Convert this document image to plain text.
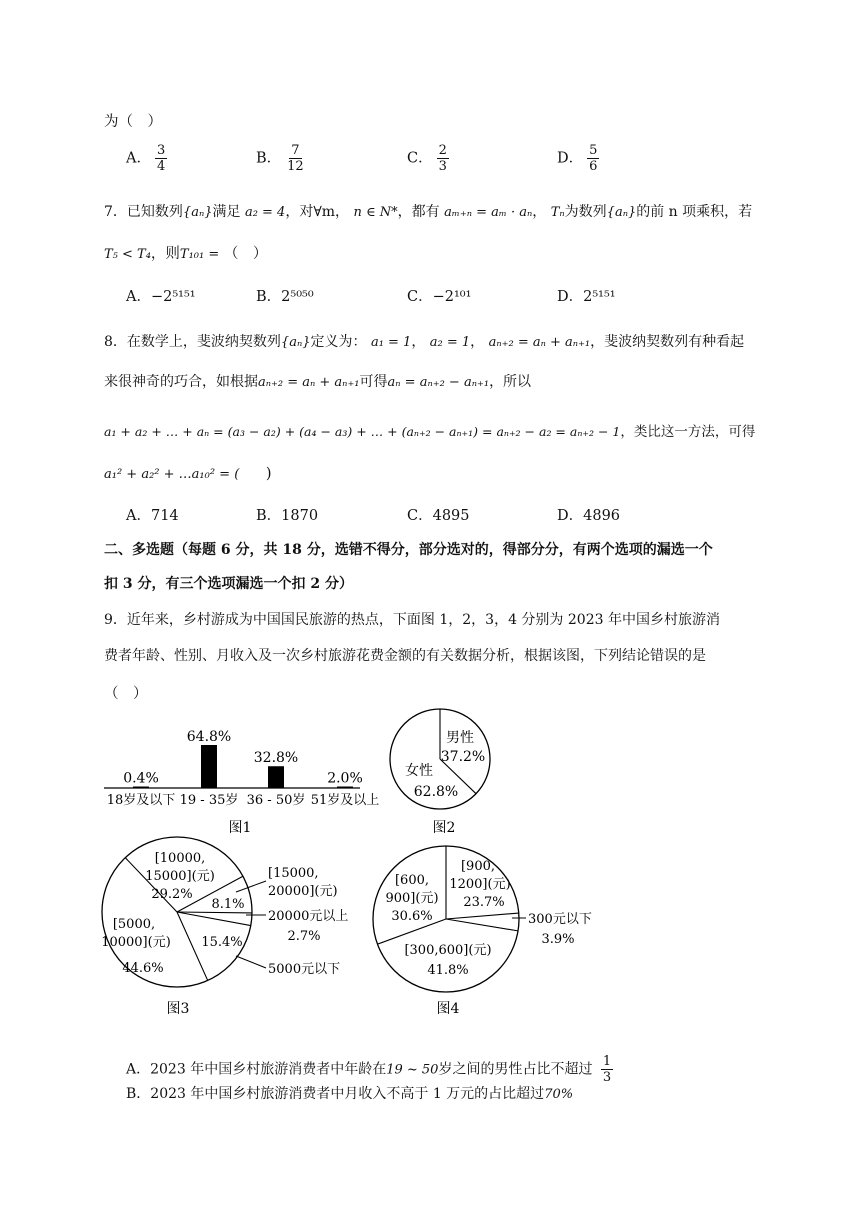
为（　）
A． $\frac{3}{4}$	B． $\frac{7}{12}$	C． $\frac{2}{3}$	D． $\frac{5}{6}$
7．已知数列{aₙ}满足 a₂ = 4，对∀m， n ∈ N*，都有 aₘ₊ₙ = aₘ · aₙ， Tₙ为数列{aₙ}的前 n 项乘积，若
T₅ < T₄，则T₁₀₁ = （　）
A．−2⁵¹⁵¹	B．2⁵⁰⁵⁰	C．−2¹⁰¹	D．2⁵¹⁵¹
8．在数学上，斐波纳契数列{aₙ}定义为： a₁ = 1， a₂ = 1， aₙ₊₂ = aₙ + aₙ₊₁，斐波纳契数列有种看起
来很神奇的巧合，如根据aₙ₊₂ = aₙ + aₙ₊₁可得aₙ = aₙ₊₂ − aₙ₊₁，所以
a₁ + a₂ + … + aₙ = (a₃ − a₂) + (a₄ − a₃) + … + (aₙ₊₂ − aₙ₊₁) = aₙ₊₂ − a₂ = aₙ₊₂ − 1，类比这一方法，可得
a₁² + a₂² + …a₁₀² = ( )
A．714	B．1870	C．4895	D．4896
二、多选题（每题 6 分，共 18 分，选错不得分，部分选对的，得部分分，有两个选项的漏选一个
扣 3 分，有三个选项漏选一个扣 2 分）
9．近年来，乡村游成为中国国民旅游的热点，下面图 1，2，3，4 分别为 2023 年中国乡村旅游消
费者年龄、性别、月收入及一次乡村旅游花费金额的有关数据分析，根据该图，下列结论错误的是
（　）
0.4%
18岁及以下
64.8%
19 - 35岁
32.8%
36 - 50岁
2.0%
51岁及以上
图1
男性
37.2%
女性
62.8%
图2
[10000,
15000](元)
29.2%
[15000,
20000](元)
8.1%
20000元以上
2.7%
15.4%
5000元以下
[5000,
10000](元)
44.6%
图3
[900,
1200](元)
23.7%
300元以下
3.9%
[300,600](元)
41.8%
[600,
900](元)
30.6%
图4
A．2023 年中国乡村旅游消费者中年龄在19 ~ 50岁之间的男性占比不超过 $\frac{1}{3}$
B．2023 年中国乡村旅游消费者中月收入不高于 1 万元的占比超过70%
